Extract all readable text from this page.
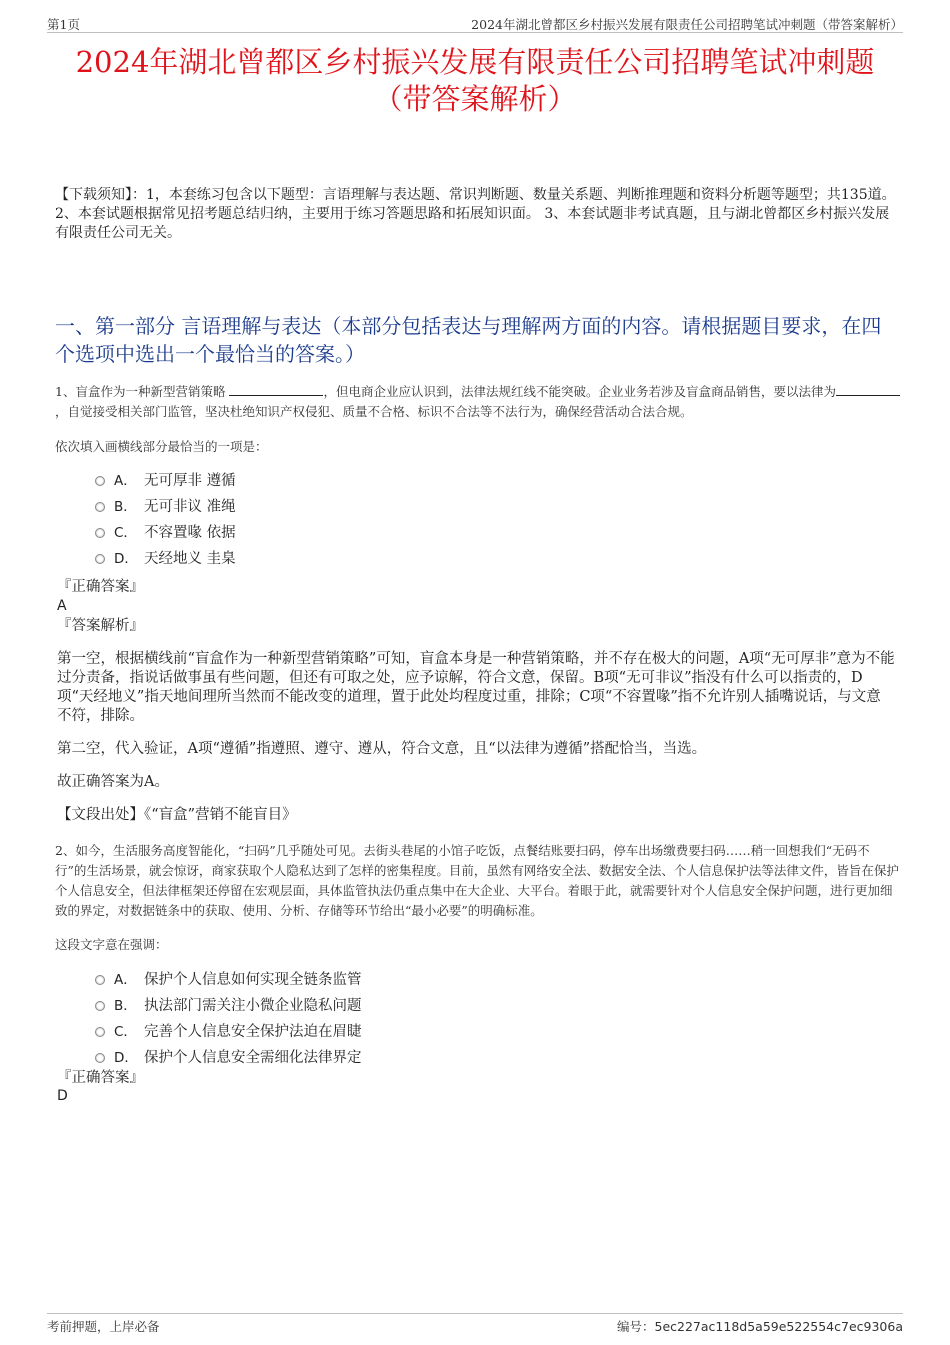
第1页	2024年湖北曾都区乡村振兴发展有限责任公司招聘笔试冲刺题（带答案解析）
2024年湖北曾都区乡村振兴发展有限责任公司招聘笔试冲刺题
（带答案解析）

【下载须知】：1，本套练习包含以下题型：言语理解与表达题、常识判断题、数量关系题、判断推理题和资料分析题等题型；共135道。 2、本套试题根据常见招考题总结归纳，主要用于练习答题思路和拓展知识面。 3、本套试题非考试真题，且与湖北曾都区乡村振兴发展有限责任公司无关。

一、第一部分 言语理解与表达（本部分包括表达与理解两方面的内容。请根据题目要求，在四个选项中选出一个最恰当的答案。）

1、盲盒作为一种新型营销策略	，但电商企业应认识到，法律法规红线不能突破。企业业务若涉及盲盒商品销售，要以法律为，自觉接受相关部门监管，坚决杜绝知识产权侵犯、质量不合格、标识不合法等不法行为，确保经营活动合法合规。

依次填入画横线部分最恰当的一项是：

A． 无可厚非 遵循
B． 无可非议 准绳
C． 不容置喙 依据
D． 天经地义 圭臬

『正确答案』

A

『答案解析』

第一空，根据横线前“盲盒作为一种新型营销策略”可知，盲盒本身是一种营销策略，并不存在极大的问题，A项“无可厚非”意为不能过分责备，指说话做事虽有些问题，但还有可取之处，应予谅解，符合文意，保留。B项“无可非议”指没有什么可以指责的，D项“天经地义”指天地间理所当然而不能改变的道理，置于此处均程度过重，排除；C项“不容置喙”指不允许别人插嘴说话，与文意不符，排除。

第二空，代入验证，A项“遵循”指遵照、遵守、遵从，符合文意，且“以法律为遵循”搭配恰当，当选。

故正确答案为A。

【文段出处】《“盲盒”营销不能盲目》

2、如今，生活服务高度智能化，“扫码”几乎随处可见。去街头巷尾的小馆子吃饭，点餐结账要扫码，停车出场缴费要扫码……稍一回想我们“无码不行”的生活场景，就会惊讶，商家获取个人隐私达到了怎样的密集程度。目前，虽然有网络安全法、数据安全法、个人信息保护法等法律文件，皆旨在保护个人信息安全，但法律框架还停留在宏观层面，具体监管执法仍重点集中在大企业、大平台。着眼于此，就需要针对个人信息安全保护问题，进行更加细致的界定，对数据链条中的获取、使用、分析、存储等环节给出“最小必要”的明确标准。

这段文字意在强调：

A． 保护个人信息如何实现全链条监管
B． 执法部门需关注小微企业隐私问题
C． 完善个人信息安全保护法迫在眉睫
D． 保护个人信息安全需细化法律界定

『正确答案』

D

考前押题，上岸必备	编号：5ec227ac118d5a59e522554c7ec9306a
